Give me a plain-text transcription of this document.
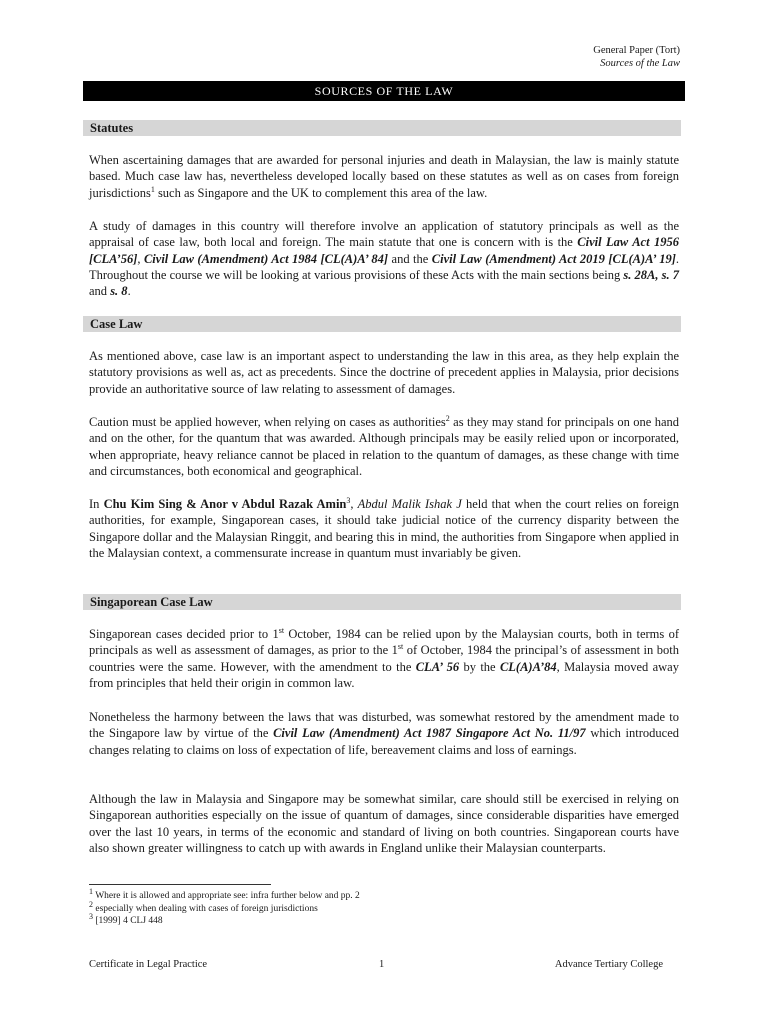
General Paper (Tort)
Sources of the Law
SOURCES OF THE LAW
Statutes

When ascertaining damages that are awarded for personal injuries and death in Malaysian, the law is mainly statute based. Much case law has, nevertheless developed locally based on these statutes as well as on cases from foreign jurisdictions$^1$ such as Singapore and the UK to complement this area of the law.

A study of damages in this country will therefore involve an application of statutory principals as well as the appraisal of case law, both local and foreign. The main statute that one is concern with is the Civil Law Act 1956 [CLA’56], Civil Law (Amendment) Act 1984 [CL(A)A’ 84] and the Civil Law (Amendment) Act 2019 [CL(A)A’ 19]. Throughout the course we will be looking at various provisions of these Acts with the main sections being s. 28A, s. 7 and s. 8.

Case Law

As mentioned above, case law is an important aspect to understanding the law in this area, as they help explain the statutory provisions as well as, act as precedents. Since the doctrine of precedent applies in Malaysia, prior decisions provide an authoritative source of law relating to assessment of damages.

Caution must be applied however, when relying on cases as authorities$^2$ as they may stand for principals on one hand and on the other, for the quantum that was awarded. Although principals may be easily relied upon or incorporated, when appropriate, heavy reliance cannot be placed in relation to the quantum of damages, as these change with time and circumstances, both economical and geographical.

In Chu Kim Sing & Anor v Abdul Razak Amin$^3$, Abdul Malik Ishak J held that when the court relies on foreign authorities, for example, Singaporean cases, it should take judicial notice of the currency disparity between the Singapore dollar and the Malaysian Ringgit, and bearing this in mind, the authorities from Singapore when applied in the Malaysian context, a commensurate increase in quantum must invariably be given.

Singaporean Case Law

Singaporean cases decided prior to 1st October, 1984 can be relied upon by the Malaysian courts, both in terms of principals as well as assessment of damages, as prior to the 1st of October, 1984 the principal’s of assessment in both countries were the same. However, with the amendment to the CLA’ 56 by the CL(A)A’84, Malaysia moved away from principles that held their origin in common law.

Nonetheless the harmony between the laws that was disturbed, was somewhat restored by the amendment made to the Singapore law by virtue of the Civil Law (Amendment) Act 1987 Singapore Act No. 11/97 which introduced changes relating to claims on loss of expectation of life, bereavement claims and loss of earnings.

Although the law in Malaysia and Singapore may be somewhat similar, care should still be exercised in relying on Singaporean authorities especially on the issue of quantum of damages, since considerable disparities have emerged over the last 10 years, in terms of the economic and standard of living on both countries. Singaporean courts have also shown greater willingness to catch up with awards in England unlike their Malaysian counterparts.

$^1$ Where it is allowed and appropriate see: infra further below and pp. 2
$^2$ especially when dealing with cases of foreign jurisdictions
$^3$ [1999] 4 CLJ 448
Certificate in Legal Practice	1	Advance Tertiary College
